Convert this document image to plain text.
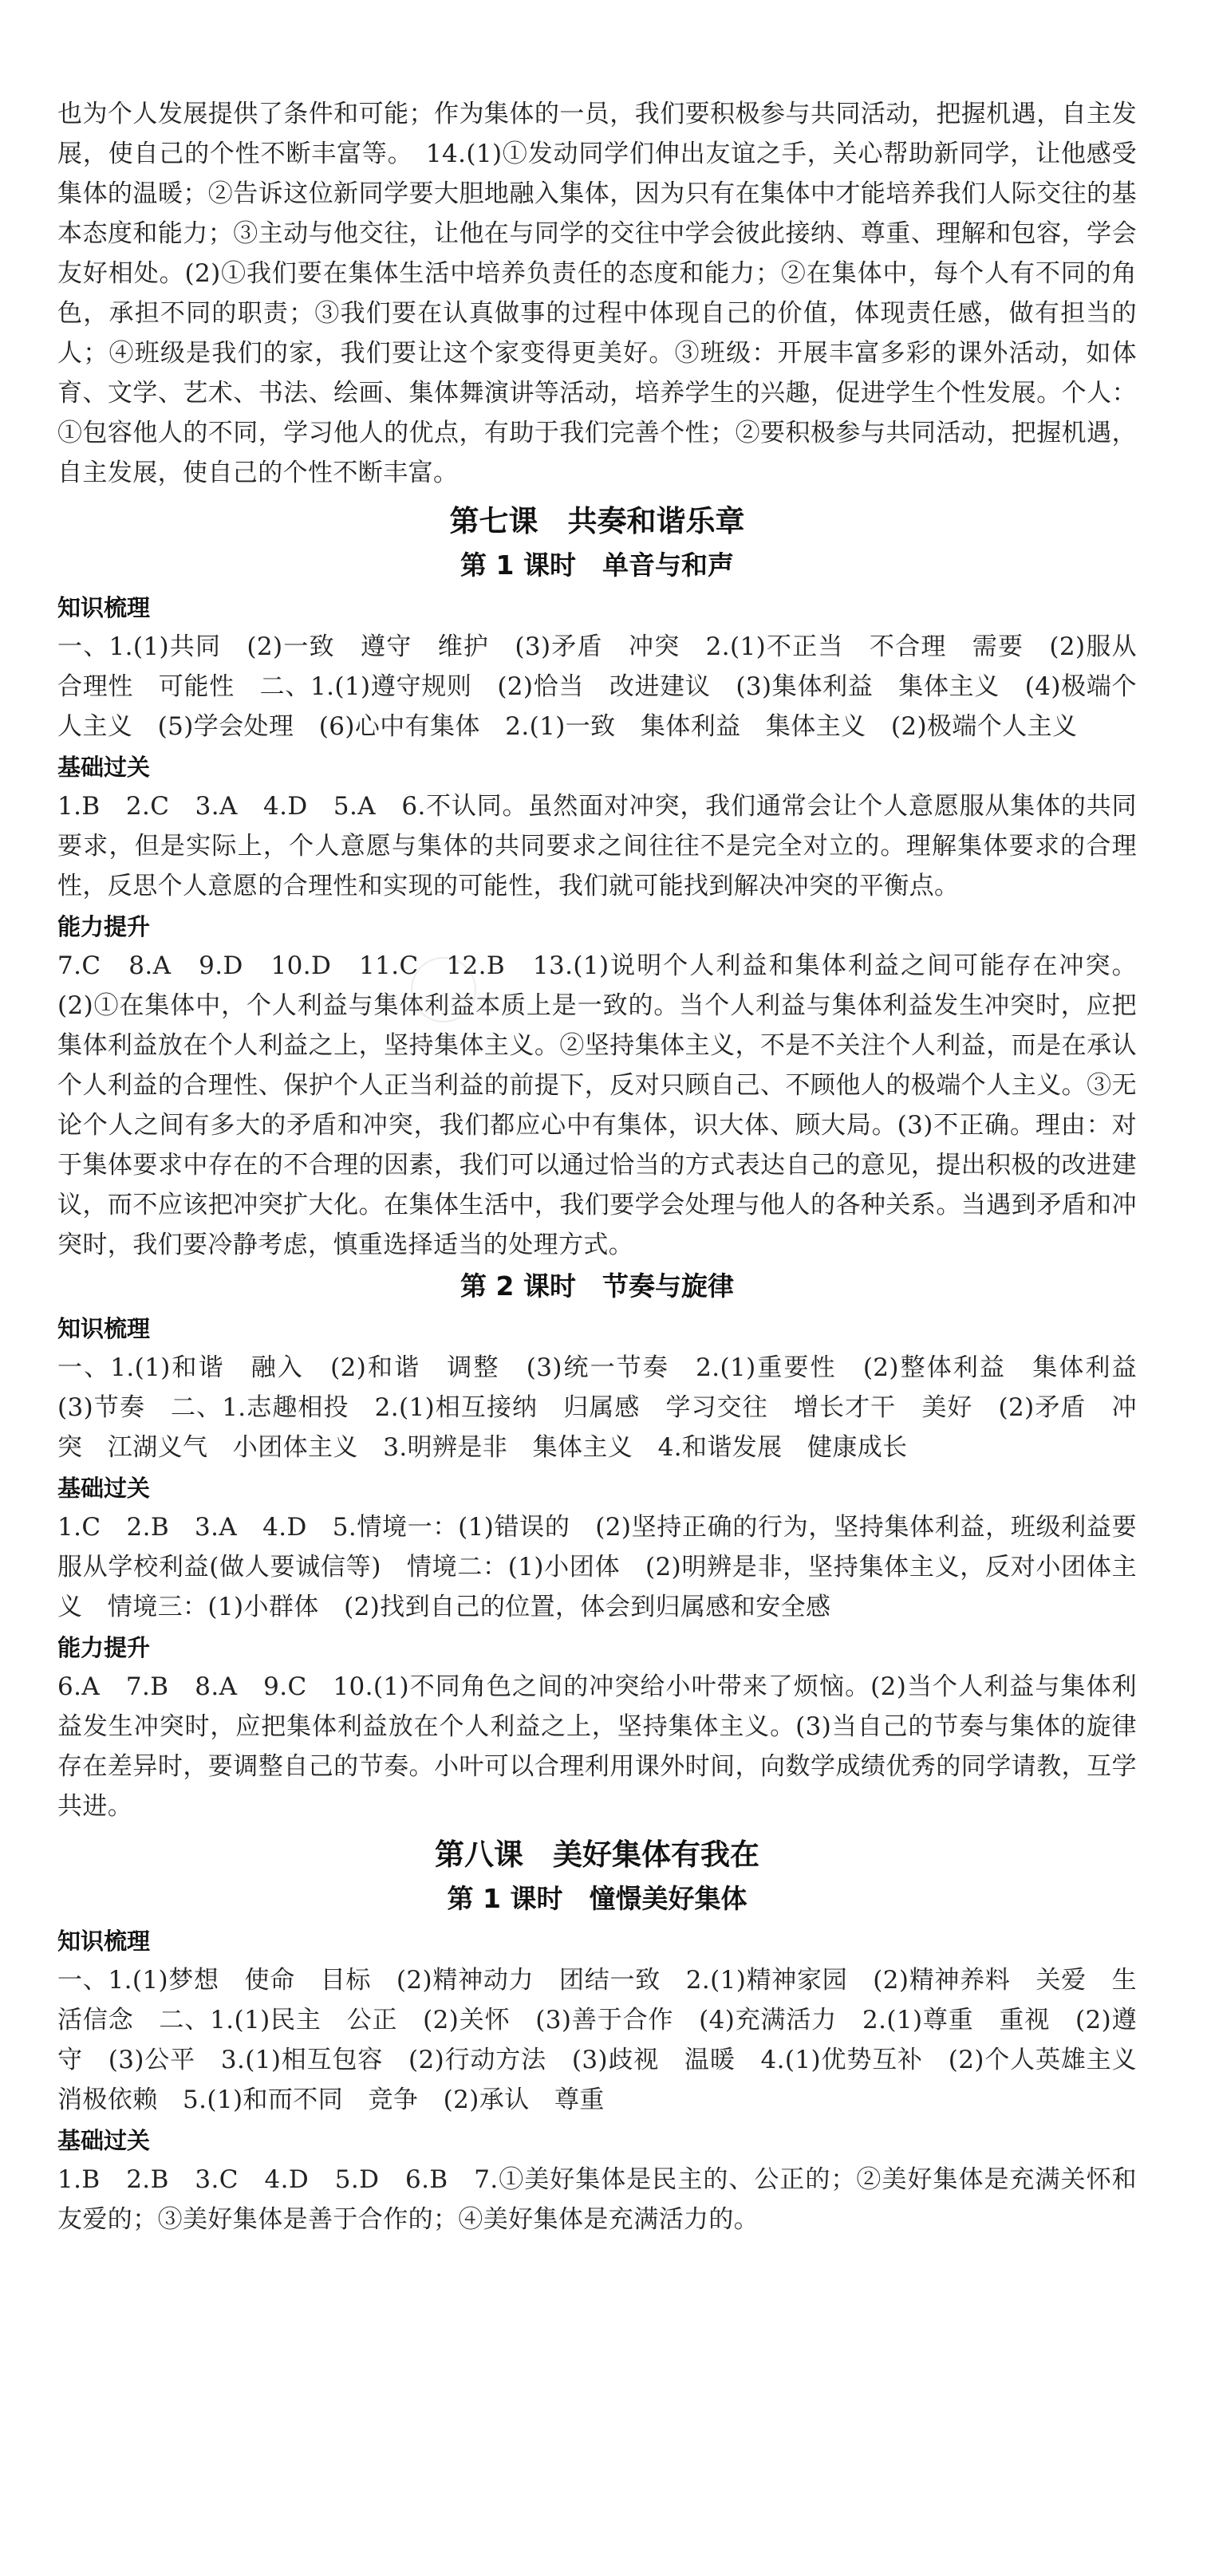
也为个人发展提供了条件和可能；作为集体的一员，我们要积极参与共同活动，把握机遇，自主发展，使自己的个性不断丰富等。　14.(1)①发动同学们伸出友谊之手，关心帮助新同学，让他感受集体的温暖；②告诉这位新同学要大胆地融入集体，因为只有在集体中才能培养我们人际交往的基本态度和能力；③主动与他交往，让他在与同学的交往中学会彼此接纳、尊重、理解和包容，学会友好相处。(2)①我们要在集体生活中培养负责任的态度和能力；②在集体中，每个人有不同的角色，承担不同的职责；③我们要在认真做事的过程中体现自己的价值，体现责任感，做有担当的人；④班级是我们的家，我们要让这个家变得更美好。③班级：开展丰富多彩的课外活动，如体育、文学、艺术、书法、绘画、集体舞演讲等活动，培养学生的兴趣，促进学生个性发展。个人：①包容他人的不同，学习他人的优点，有助于我们完善个性；②要积极参与共同活动，把握机遇，自主发展，使自己的个性不断丰富。

第七课　共奏和谐乐章
第 1 课时　单音与和声
知识梳理

一、1.(1)共同　(2)一致　遵守　维护　(3)矛盾　冲突　2.(1)不正当　不合理　需要　(2)服从　合理性　可能性　二、1.(1)遵守规则　(2)恰当　改进建议　(3)集体利益　集体主义　(4)极端个人主义　(5)学会处理　(6)心中有集体　2.(1)一致　集体利益　集体主义　(2)极端个人主义

基础过关

1.B　2.C　3.A　4.D　5.A　6.不认同。虽然面对冲突，我们通常会让个人意愿服从集体的共同要求，但是实际上，个人意愿与集体的共同要求之间往往不是完全对立的。理解集体要求的合理性，反思个人意愿的合理性和实现的可能性，我们就可能找到解决冲突的平衡点。

能力提升

7.C　8.A　9.D　10.D　11.C　12.B　13.(1)说明个人利益和集体利益之间可能存在冲突。(2)①在集体中，个人利益与集体利益本质上是一致的。当个人利益与集体利益发生冲突时，应把集体利益放在个人利益之上，坚持集体主义。②坚持集体主义，不是不关注个人利益，而是在承认个人利益的合理性、保护个人正当利益的前提下，反对只顾自己、不顾他人的极端个人主义。③无论个人之间有多大的矛盾和冲突，我们都应心中有集体，识大体、顾大局。(3)不正确。理由：对于集体要求中存在的不合理的因素，我们可以通过恰当的方式表达自己的意见，提出积极的改进建议，而不应该把冲突扩大化。在集体生活中，我们要学会处理与他人的各种关系。当遇到矛盾和冲突时，我们要冷静考虑，慎重选择适当的处理方式。

第 2 课时　节奏与旋律
知识梳理

一、1.(1)和谐　融入　(2)和谐　调整　(3)统一节奏　2.(1)重要性　(2)整体利益　集体利益　(3)节奏　二、1.志趣相投　2.(1)相互接纳　归属感　学习交往　增长才干　美好　(2)矛盾　冲突　江湖义气　小团体主义　3.明辨是非　集体主义　4.和谐发展　健康成长

基础过关

1.C　2.B　3.A　4.D　5.情境一：(1)错误的　(2)坚持正确的行为，坚持集体利益，班级利益要服从学校利益(做人要诚信等)　情境二：(1)小团体　(2)明辨是非，坚持集体主义，反对小团体主义　情境三：(1)小群体　(2)找到自己的位置，体会到归属感和安全感

能力提升

6.A　7.B　8.A　9.C　10.(1)不同角色之间的冲突给小叶带来了烦恼。(2)当个人利益与集体利益发生冲突时，应把集体利益放在个人利益之上，坚持集体主义。(3)当自己的节奏与集体的旋律存在差异时，要调整自己的节奏。小叶可以合理利用课外时间，向数学成绩优秀的同学请教，互学共进。

第八课　美好集体有我在
第 1 课时　憧憬美好集体
知识梳理

一、1.(1)梦想　使命　目标　(2)精神动力　团结一致　2.(1)精神家园　(2)精神养料　关爱　生活信念　二、1.(1)民主　公正　(2)关怀　(3)善于合作　(4)充满活力　2.(1)尊重　重视　(2)遵守　(3)公平　3.(1)相互包容　(2)行动方法　(3)歧视　温暖　4.(1)优势互补　(2)个人英雄主义　消极依赖　5.(1)和而不同　竞争　(2)承认　尊重

基础过关

1.B　2.B　3.C　4.D　5.D　6.B　7.①美好集体是民主的、公正的；②美好集体是充满关怀和友爱的；③美好集体是善于合作的；④美好集体是充满活力的。
